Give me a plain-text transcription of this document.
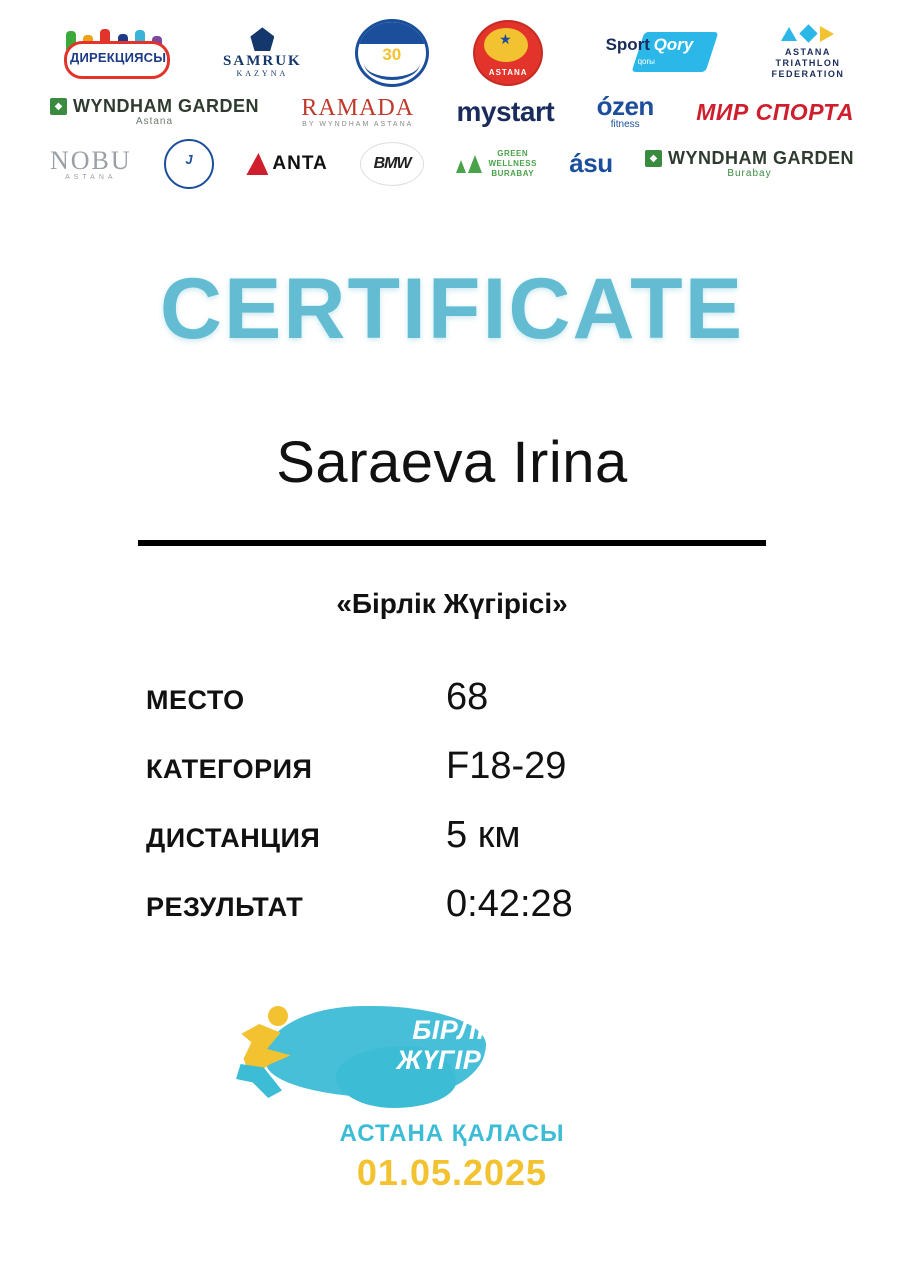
ДИРЕКЦИЯСЫ	SAMRUK
KAZYNA
30
★
ASTANA
Sport Qory
qorы
ASTANA
TRIATHLON
FEDERATION
◆
WYNDHAM GARDEN
Astana
RAMADA
BY WYNDHAM ASTANA mystart ózen
fitness	МИР СПОРТА
NOBU
ASTANA
J	ANTA	BMW
GREEN
WELLNESS
BURABAY ásu ◆	WYNDHAM GARDEN
Burabay
CERTIFICATE
Saraeva Irina
«Бірлік Жүгірісі»
МЕСТО	68
КАТЕГОРИЯ	F18-29
ДИСТАНЦИЯ	5 км
РЕЗУЛЬТАТ	0:42:28
БІРЛІК
ЖҮГІРІСІ
АСТАНА ҚАЛАСЫ
01.05.2025
